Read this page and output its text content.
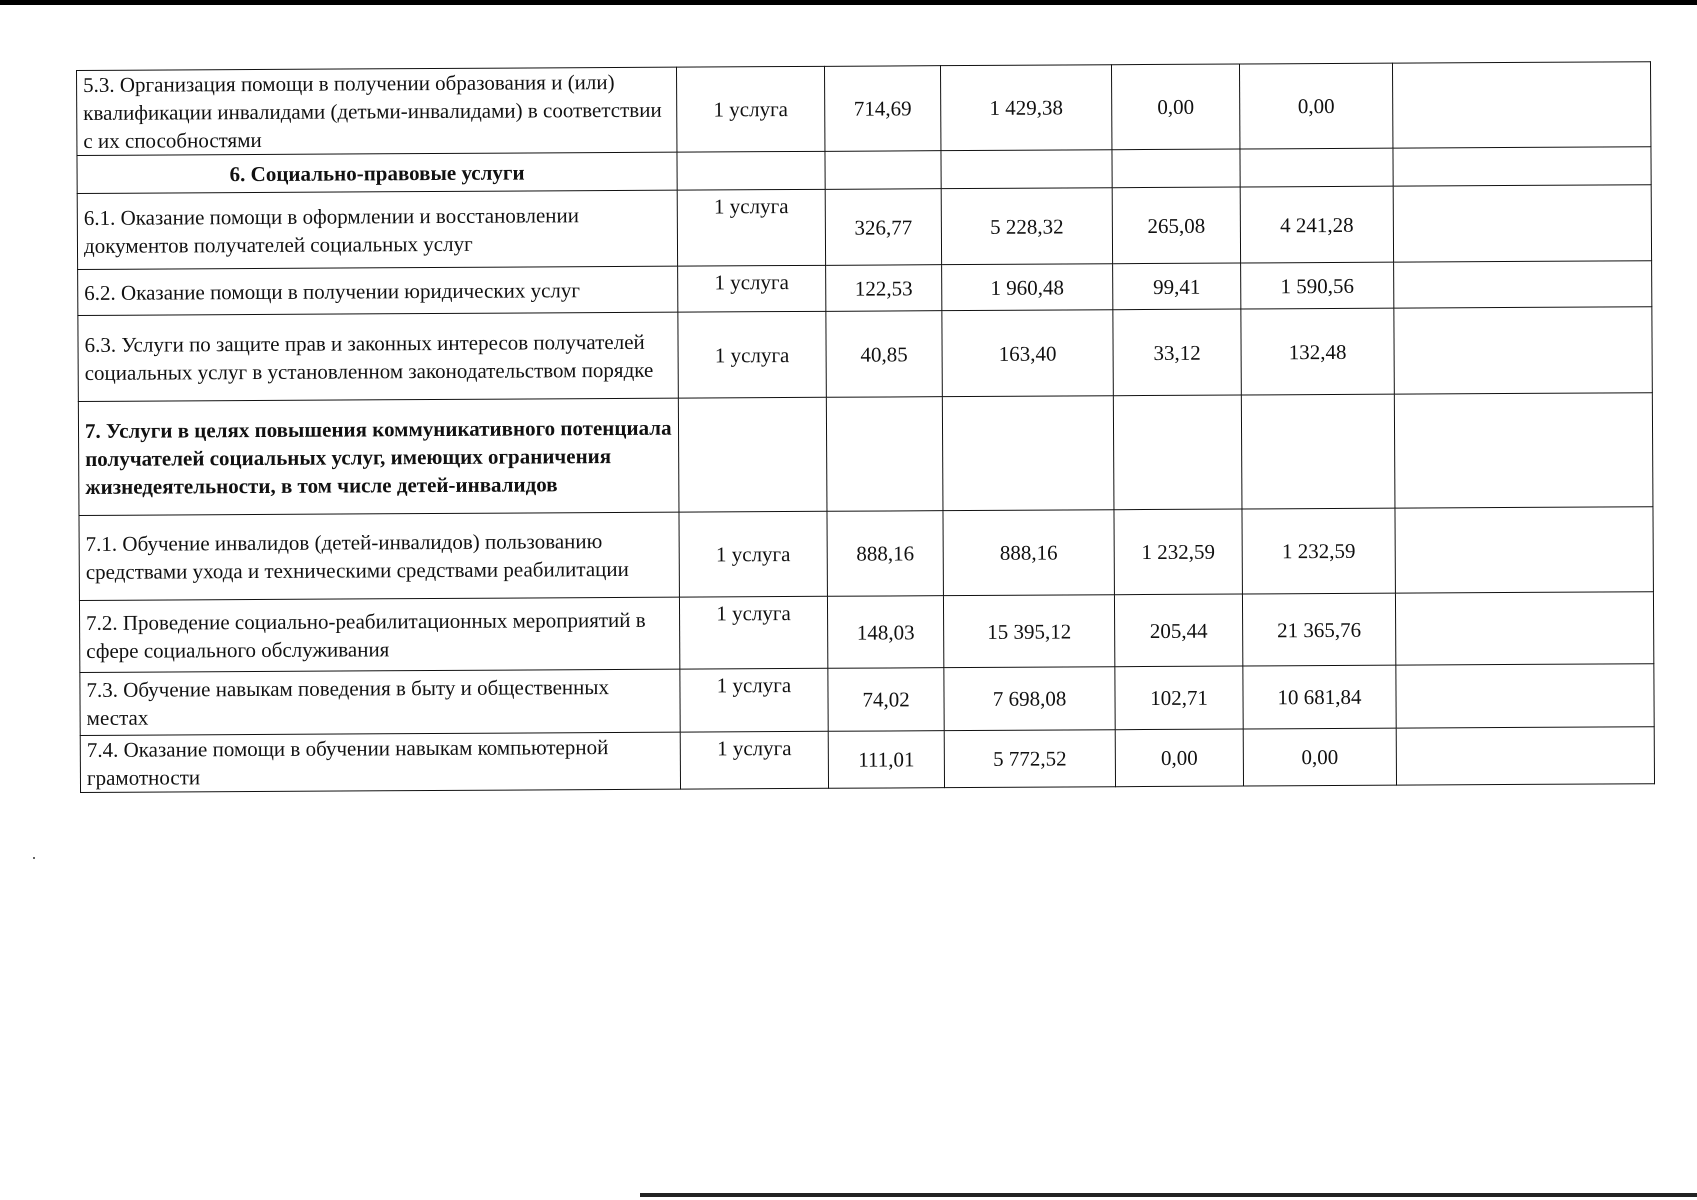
5.3. Организация помощи в получении образования и (или) квалификации инвалидами (детьми-инвалидами) в соответствии с их способностями	1 услуга	714,69	1 429,38	0,00	0,00	
6. Социально-правовые услуги						
6.1. Оказание помощи в оформлении и восстановлении документов получателей социальных услуг	1 услуга	326,77	5 228,32	265,08	4 241,28	
6.2. Оказание помощи в получении юридических услуг	1 услуга	122,53	1 960,48	99,41	1 590,56	
6.3. Услуги по защите прав и законных интересов получателей социальных услуг в установленном законодательством порядке	1 услуга	40,85	163,40	33,12	132,48	
7. Услуги в целях повышения коммуникативного потенциала получателей социальных услуг, имеющих ограничения жизнедеятельности, в том числе детей-инвалидов						
7.1. Обучение инвалидов (детей-инвалидов) пользованию средствами ухода и техническими средствами реабилитации	1 услуга	888,16	888,16	1 232,59	1 232,59	
7.2. Проведение социально-реабилитационных мероприятий в сфере социального обслуживания	1 услуга	148,03	15 395,12	205,44	21 365,76	
7.3. Обучение навыкам поведения в быту и общественных местах	1 услуга	74,02	7 698,08	102,71	10 681,84	
7.4. Оказание помощи в обучении навыкам компьютерной грамотности	1 услуга	111,01	5 772,52	0,00	0,00	
